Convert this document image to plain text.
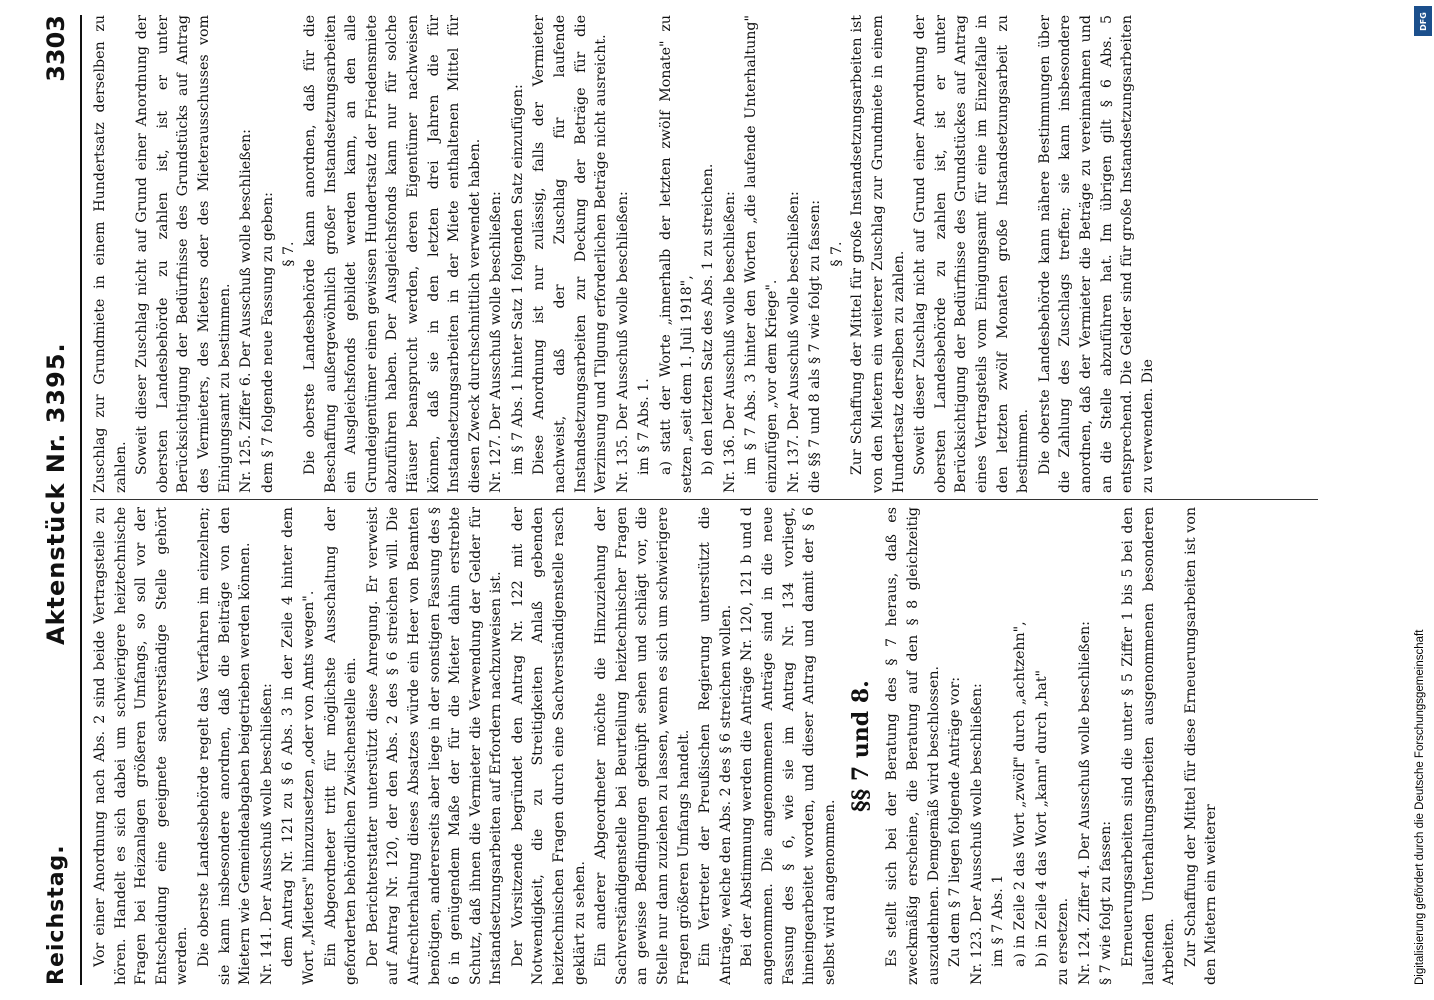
Reichstag.
Aktenstück Nr. 3395.
3303

Vor einer Anordnung nach Abs. 2 sind beide Vertragsteile zu hören. Handelt es sich dabei um schwierigere heiztechnische Fragen bei Heizanlagen größeren Umfangs, so soll vor der Entscheidung eine geeignete sachverständige Stelle gehört werden. Die oberste Landesbehörde regelt das Verfahren im einzelnen; sie kann insbesondere anordnen, daß die Beiträge von den Mietern wie Gemeindeabgaben beigetrieben werden können. Nr. 141. Der Ausschuß wolle beschließen: dem Antrag Nr. 121 zu § 6 Abs. 3 in der Zeile 4 hinter dem Wort „Mieters" hinzuzusetzen „oder von Amts wegen". Ein Abgeordneter tritt für möglichste Ausschaltung der geforderten behördlichen Zwischenstelle ein. Der Berichterstatter unterstützt diese Anregung. Er verweist auf Antrag Nr. 120, der den Abs. 2 des § 6 streichen will. Die Aufrechterhaltung dieses Absatzes würde ein Heer von Beamten benötigen, andererseits aber liege in der sonstigen Fassung des § 6 in genügendem Maße der für die Mieter dahin erstrebte Schutz, daß ihnen die Vermieter die Verwendung der Gelder für Instandsetzungsarbeiten auf Erfordern nachzuweisen ist. Der Vorsitzende begründet den Antrag Nr. 122 mit der Notwendigkeit, die zu Streitigkeiten Anlaß gebenden heiztechnischen Fragen durch eine Sachverständigenstelle rasch geklärt zu sehen. Ein anderer Abgeordneter möchte die Hinzuziehung der Sachverständigenstelle bei Beurteilung heiztechnischer Fragen an gewisse Bedingungen geknüpft sehen und schlägt vor, die Stelle nur dann zuziehen zu lassen, wenn es sich um schwierigere Fragen größeren Umfangs handelt. Ein Vertreter der Preußischen Regierung unterstützt die Anträge, welche den Abs. 2 des § 6 streichen wollen. Bei der Abstimmung werden die Anträge Nr. 120, 121 b und d angenommen. Die angenommenen Anträge sind in die neue Fassung des § 6, wie sie im Antrag Nr. 134 vorliegt, hineingearbeitet worden, und dieser Antrag und damit der § 6 selbst wird angenommen.

§§ 7 und 8. Es stellt sich bei der Beratung des § 7 heraus, daß es zweckmäßig erscheine, die Beratung auf den § 8 gleichzeitig auszudehnen. Demgemäß wird beschlossen. Zu dem § 7 liegen folgende Anträge vor: Nr. 123. Der Ausschuß wolle beschließen: im § 7 Abs. 1 a) in Zeile 2 das Wort „zwölf" durch „achtzehn", b) in Zeile 4 das Wort „kann" durch „hat" zu ersetzen. Nr. 124. Ziffer 4. Der Ausschuß wolle beschließen: § 7 wie folgt zu fassen: Erneuerungsarbeiten sind die unter § 5 Ziffer 1 bis 5 bei den laufenden Unterhaltungsarbeiten ausgenommenen besonderen Arbeiten. Zur Schaffung der Mittel für diese Erneuerungsarbeiten ist von den Mietern ein weiterer

Zuschlag zur Grundmiete in einem Hundertsatz derselben zu zahlen. Soweit dieser Zuschlag nicht auf Grund einer Anordnung der obersten Landesbehörde zu zahlen ist, ist er unter Berücksichtigung der Bedürfnisse des Grundstücks auf Antrag des Vermieters, des Mieters oder des Mieterausschusses vom Einigungsamt zu bestimmen. Nr. 125. Ziffer 6. Der Ausschuß wolle beschließen: dem § 7 folgende neue Fassung zu geben: § 7. Die oberste Landesbehörde kann anordnen, daß für die Beschaffung außergewöhnlich großer Instandsetzungsarbeiten ein Ausgleichsfonds gebildet werden kann, an den alle Grundeigentümer einen gewissen Hundertsatz der Friedensmiete abzuführen haben. Der Ausgleichsfonds kann nur für solche Häuser beansprucht werden, deren Eigentümer nachweisen können, daß sie in den letzten drei Jahren die für Instandsetzungsarbeiten in der Miete enthaltenen Mittel für diesen Zweck durchschnittlich verwendet haben. Nr. 127. Der Ausschuß wolle beschließen: im § 7 Abs. 1 hinter Satz 1 folgenden Satz einzufügen: Diese Anordnung ist nur zulässig, falls der Vermieter nachweist, daß der Zuschlag für laufende Instandsetzungsarbeiten zur Deckung der Beträge für die Verzinsung und Tilgung erforderlichen Beträge nicht ausreicht. Nr. 135. Der Ausschuß wolle beschließen: im § 7 Abs. 1. a) statt der Worte „innerhalb der letzten zwölf Monate" zu setzen „seit dem 1. Juli 1918", b) den letzten Satz des Abs. 1 zu streichen. Nr. 136. Der Ausschuß wolle beschließen: im § 7 Abs. 3 hinter den Worten „die laufende Unterhaltung" einzufügen „vor dem Kriege". Nr. 137. Der Ausschuß wolle beschließen: die §§ 7 und 8 als § 7 wie folgt zu fassen: § 7. Zur Schaffung der Mittel für große Instandsetzungsarbeiten ist von den Mietern ein weiterer Zuschlag zur Grundmiete in einem Hundertsatz derselben zu zahlen. Soweit dieser Zuschlag nicht auf Grund einer Anordnung der obersten Landesbehörde zu zahlen ist, ist er unter Berücksichtigung der Bedürfnisse des Grundstückes auf Antrag eines Vertragsteils vom Einigungsamt für eine im Einzelfalle in den letzten zwölf Monaten große Instandsetzungsarbeit zu bestimmen. Die oberste Landesbehörde kann nähere Bestimmungen über die Zahlung des Zuschlags treffen; sie kann insbesondere anordnen, daß der Vermieter die Beträge zu vereinnahmen und an die Stelle abzuführen hat. Im übrigen gilt § 6 Abs. 5 entsprechend. Die Gelder sind für große Instandsetzungsarbeiten zu verwenden. Die

Digitalisierung gefördert durch die Deutsche Forschungsgemeinschaft
DFG
